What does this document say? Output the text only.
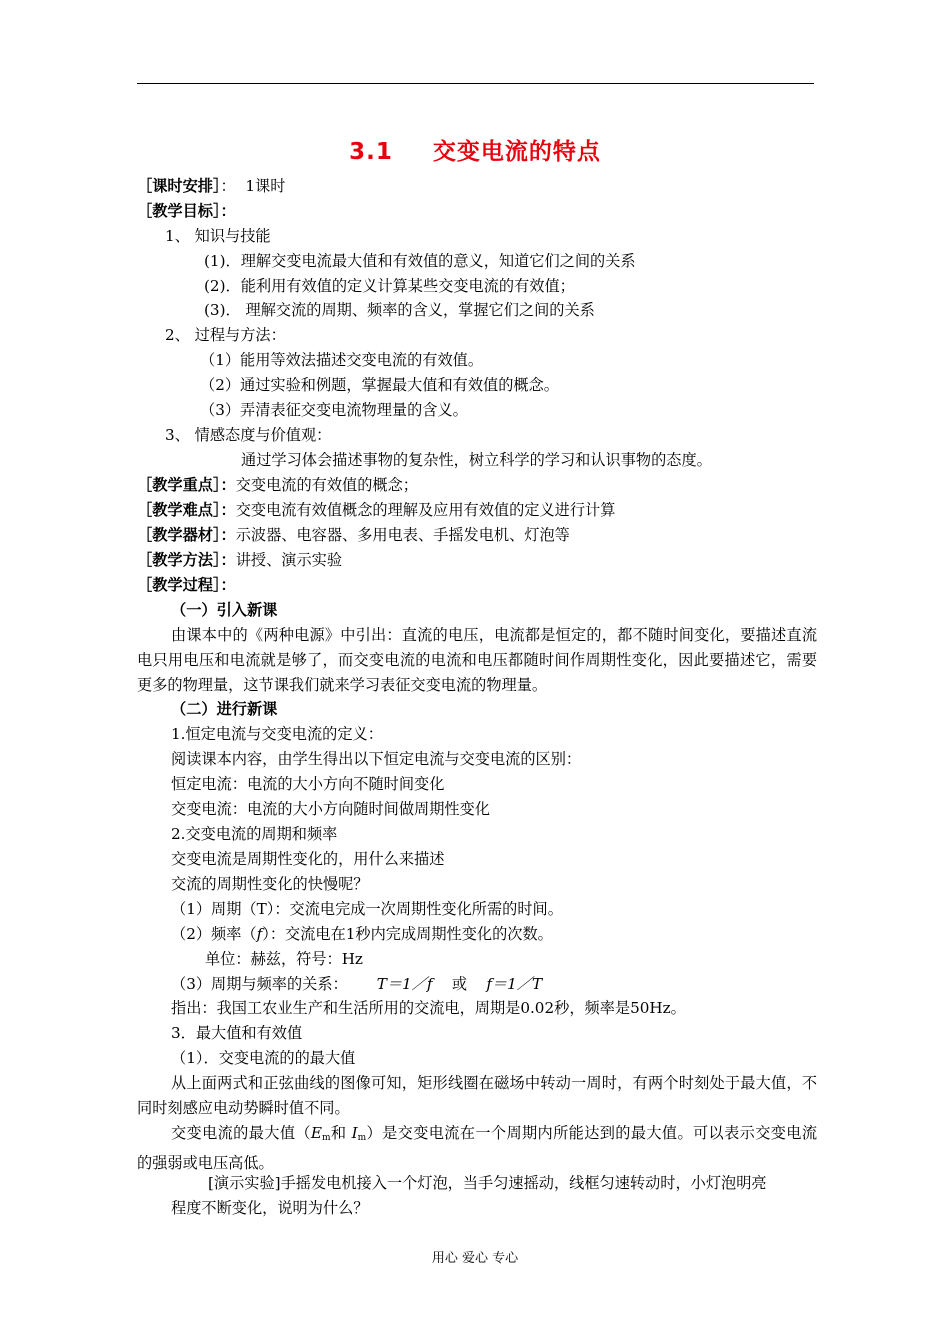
3.1 交变电流的特点
［课时安排］： 1课时
［教学目标］：
1、 知识与技能
(1)．理解交变电流最大值和有效值的意义，知道它们之间的关系
(2)．能利用有效值的定义计算某些交变电流的有效值；
(3)． 理解交流的周期、频率的含义，掌握它们之间的关系
2、 过程与方法：
（1）能用等效法描述交变电流的有效值。
（2）通过实验和例题，掌握最大值和有效值的概念。
（3）弄清表征交变电流物理量的含义。
3、 情感态度与价值观：
通过学习体会描述事物的复杂性，树立科学的学习和认识事物的态度。
［教学重点］：交变电流的有效值的概念；
［教学难点］：交变电流有效值概念的理解及应用有效值的定义进行计算
［教学器材］：示波器、电容器、多用电表、手摇发电机、灯泡等
［教学方法］：讲授、演示实验
［教学过程］：
（一）引入新课
由课本中的《两种电源》中引出：直流的电压，电流都是恒定的，都不随时间变化，要描述直流电只用电压和电流就是够了，而交变电流的电流和电压都随时间作周期性变化，因此要描述它，需要更多的物理量，这节课我们就来学习表征交变电流的物理量。
（二）进行新课
1.恒定电流与交变电流的定义：
阅读课本内容，由学生得出以下恒定电流与交变电流的区别：
恒定电流：电流的大小方向不随时间变化
交变电流：电流的大小方向随时间做周期性变化
2.交变电流的周期和频率
交变电流是周期性变化的，用什么来描述
交流的周期性变化的快慢呢？
（1）周期（T）：交流电完成一次周期性变化所需的时间。
（2）频率（f）：交流电在1秒内完成周期性变化的次数。
单位：赫兹，符号：Hz
（3）周期与频率的关系： T＝1／f 或 f＝1／T
指出：我国工农业生产和生活所用的交流电，周期是0.02秒，频率是50Hz。
3．最大值和有效值
（1）．交变电流的的最大值
从上面两式和正弦曲线的图像可知，矩形线圈在磁场中转动一周时，有两个时刻处于最大值，不同时刻感应电动势瞬时值不同。
交变电流的最大值（$E_m$和 $I_m$）是交变电流在一个周期内所能达到的最大值。可以表示交变电流的强弱或电压高低。
[演示实验]手摇发电机接入一个灯泡，当手匀速摇动，线框匀速转动时，小灯泡明亮
程度不断变化，说明为什么？
用心 爱心 专心
